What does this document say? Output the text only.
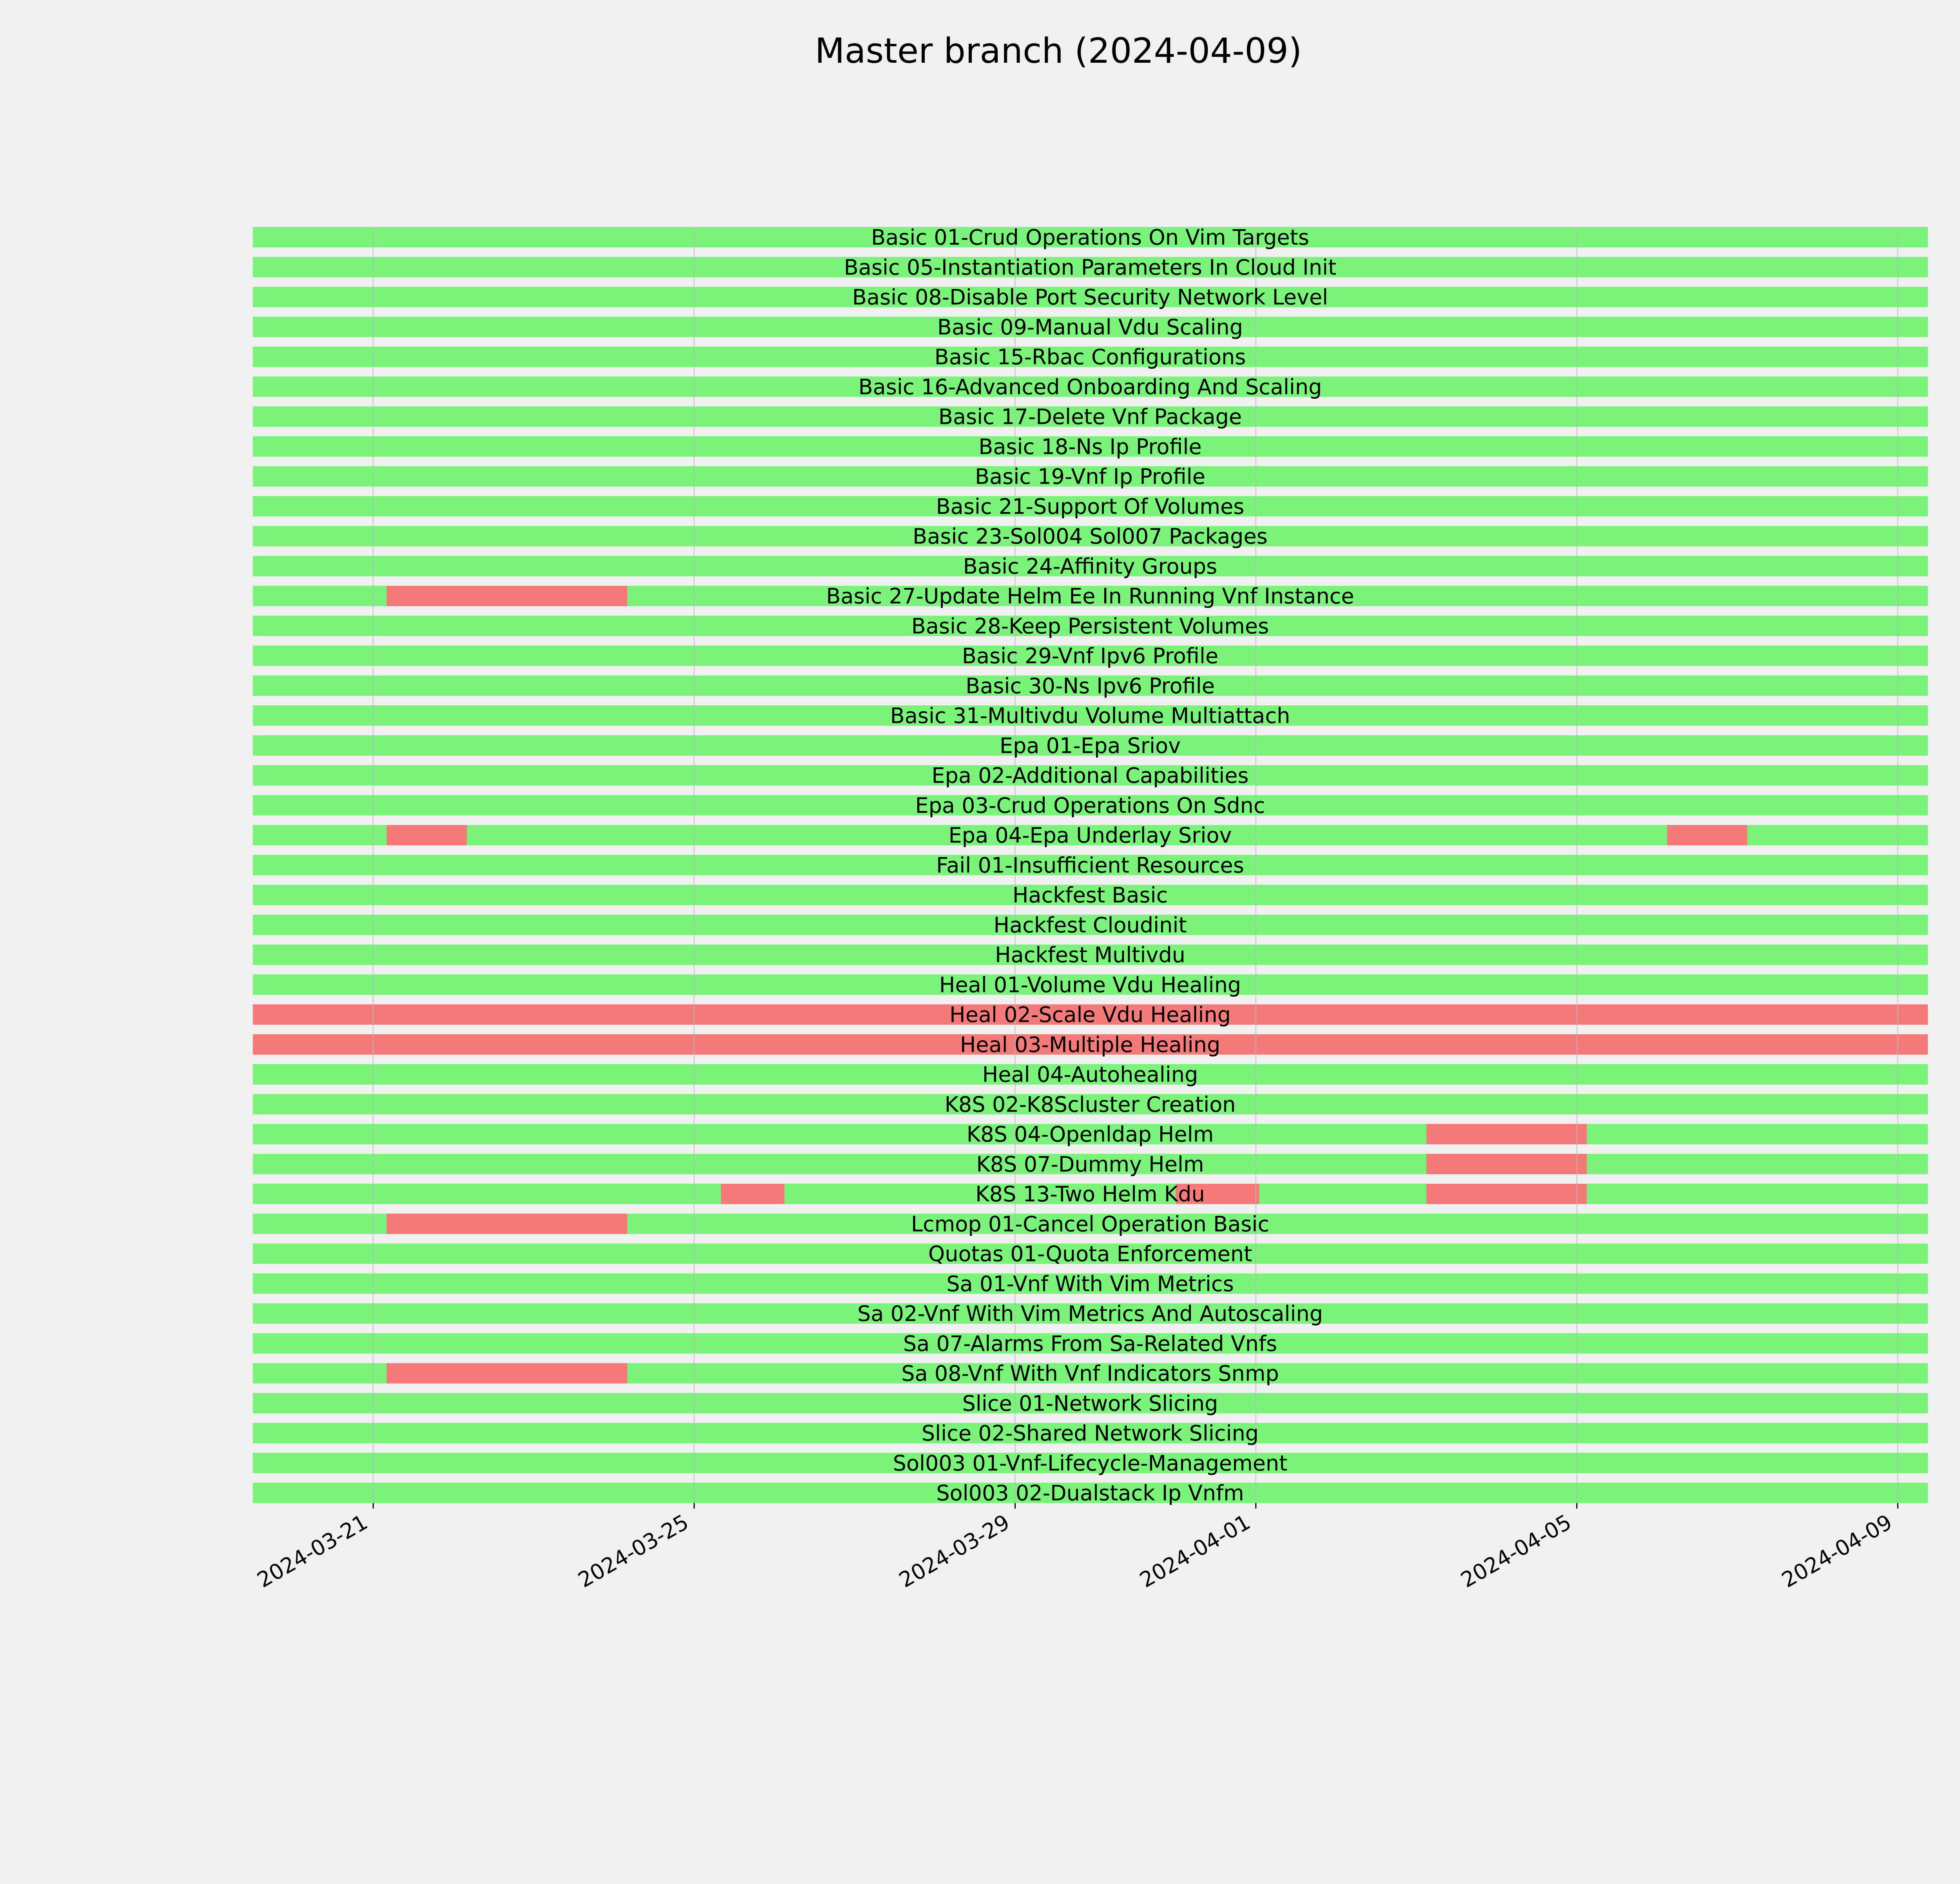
Master branch (2024-04-09)
Basic 01-Crud Operations On Vim Targets
Basic 05-Instantiation Parameters In Cloud Init
Basic 08-Disable Port Security Network Level
Basic 09-Manual Vdu Scaling
Basic 15-Rbac Configurations
Basic 16-Advanced Onboarding And Scaling
Basic 17-Delete Vnf Package
Basic 18-Ns Ip Profile
Basic 19-Vnf Ip Profile
Basic 21-Support Of Volumes
Basic 23-Sol004 Sol007 Packages
Basic 24-Affinity Groups
Basic 27-Update Helm Ee In Running Vnf Instance
Basic 28-Keep Persistent Volumes
Basic 29-Vnf Ipv6 Profile
Basic 30-Ns Ipv6 Profile
Basic 31-Multivdu Volume Multiattach
Epa 01-Epa Sriov
Epa 02-Additional Capabilities
Epa 03-Crud Operations On Sdnc
Epa 04-Epa Underlay Sriov
Fail 01-Insufficient Resources
Hackfest Basic
Hackfest Cloudinit
Hackfest Multivdu
Heal 01-Volume Vdu Healing
Heal 02-Scale Vdu Healing
Heal 03-Multiple Healing
Heal 04-Autohealing
K8S 02-K8Scluster Creation
K8S 04-Openldap Helm
K8S 07-Dummy Helm
K8S 13-Two Helm Kdu
Lcmop 01-Cancel Operation Basic
Quotas 01-Quota Enforcement
Sa 01-Vnf With Vim Metrics
Sa 02-Vnf With Vim Metrics And Autoscaling
Sa 07-Alarms From Sa-Related Vnfs
Sa 08-Vnf With Vnf Indicators Snmp
Slice 01-Network Slicing
Slice 02-Shared Network Slicing
Sol003 01-Vnf-Lifecycle-Management
Sol003 02-Dualstack Ip Vnfm
2024-03-21	2024-03-25	2024-03-29	2024-04-01	2024-04-05	2024-04-09
